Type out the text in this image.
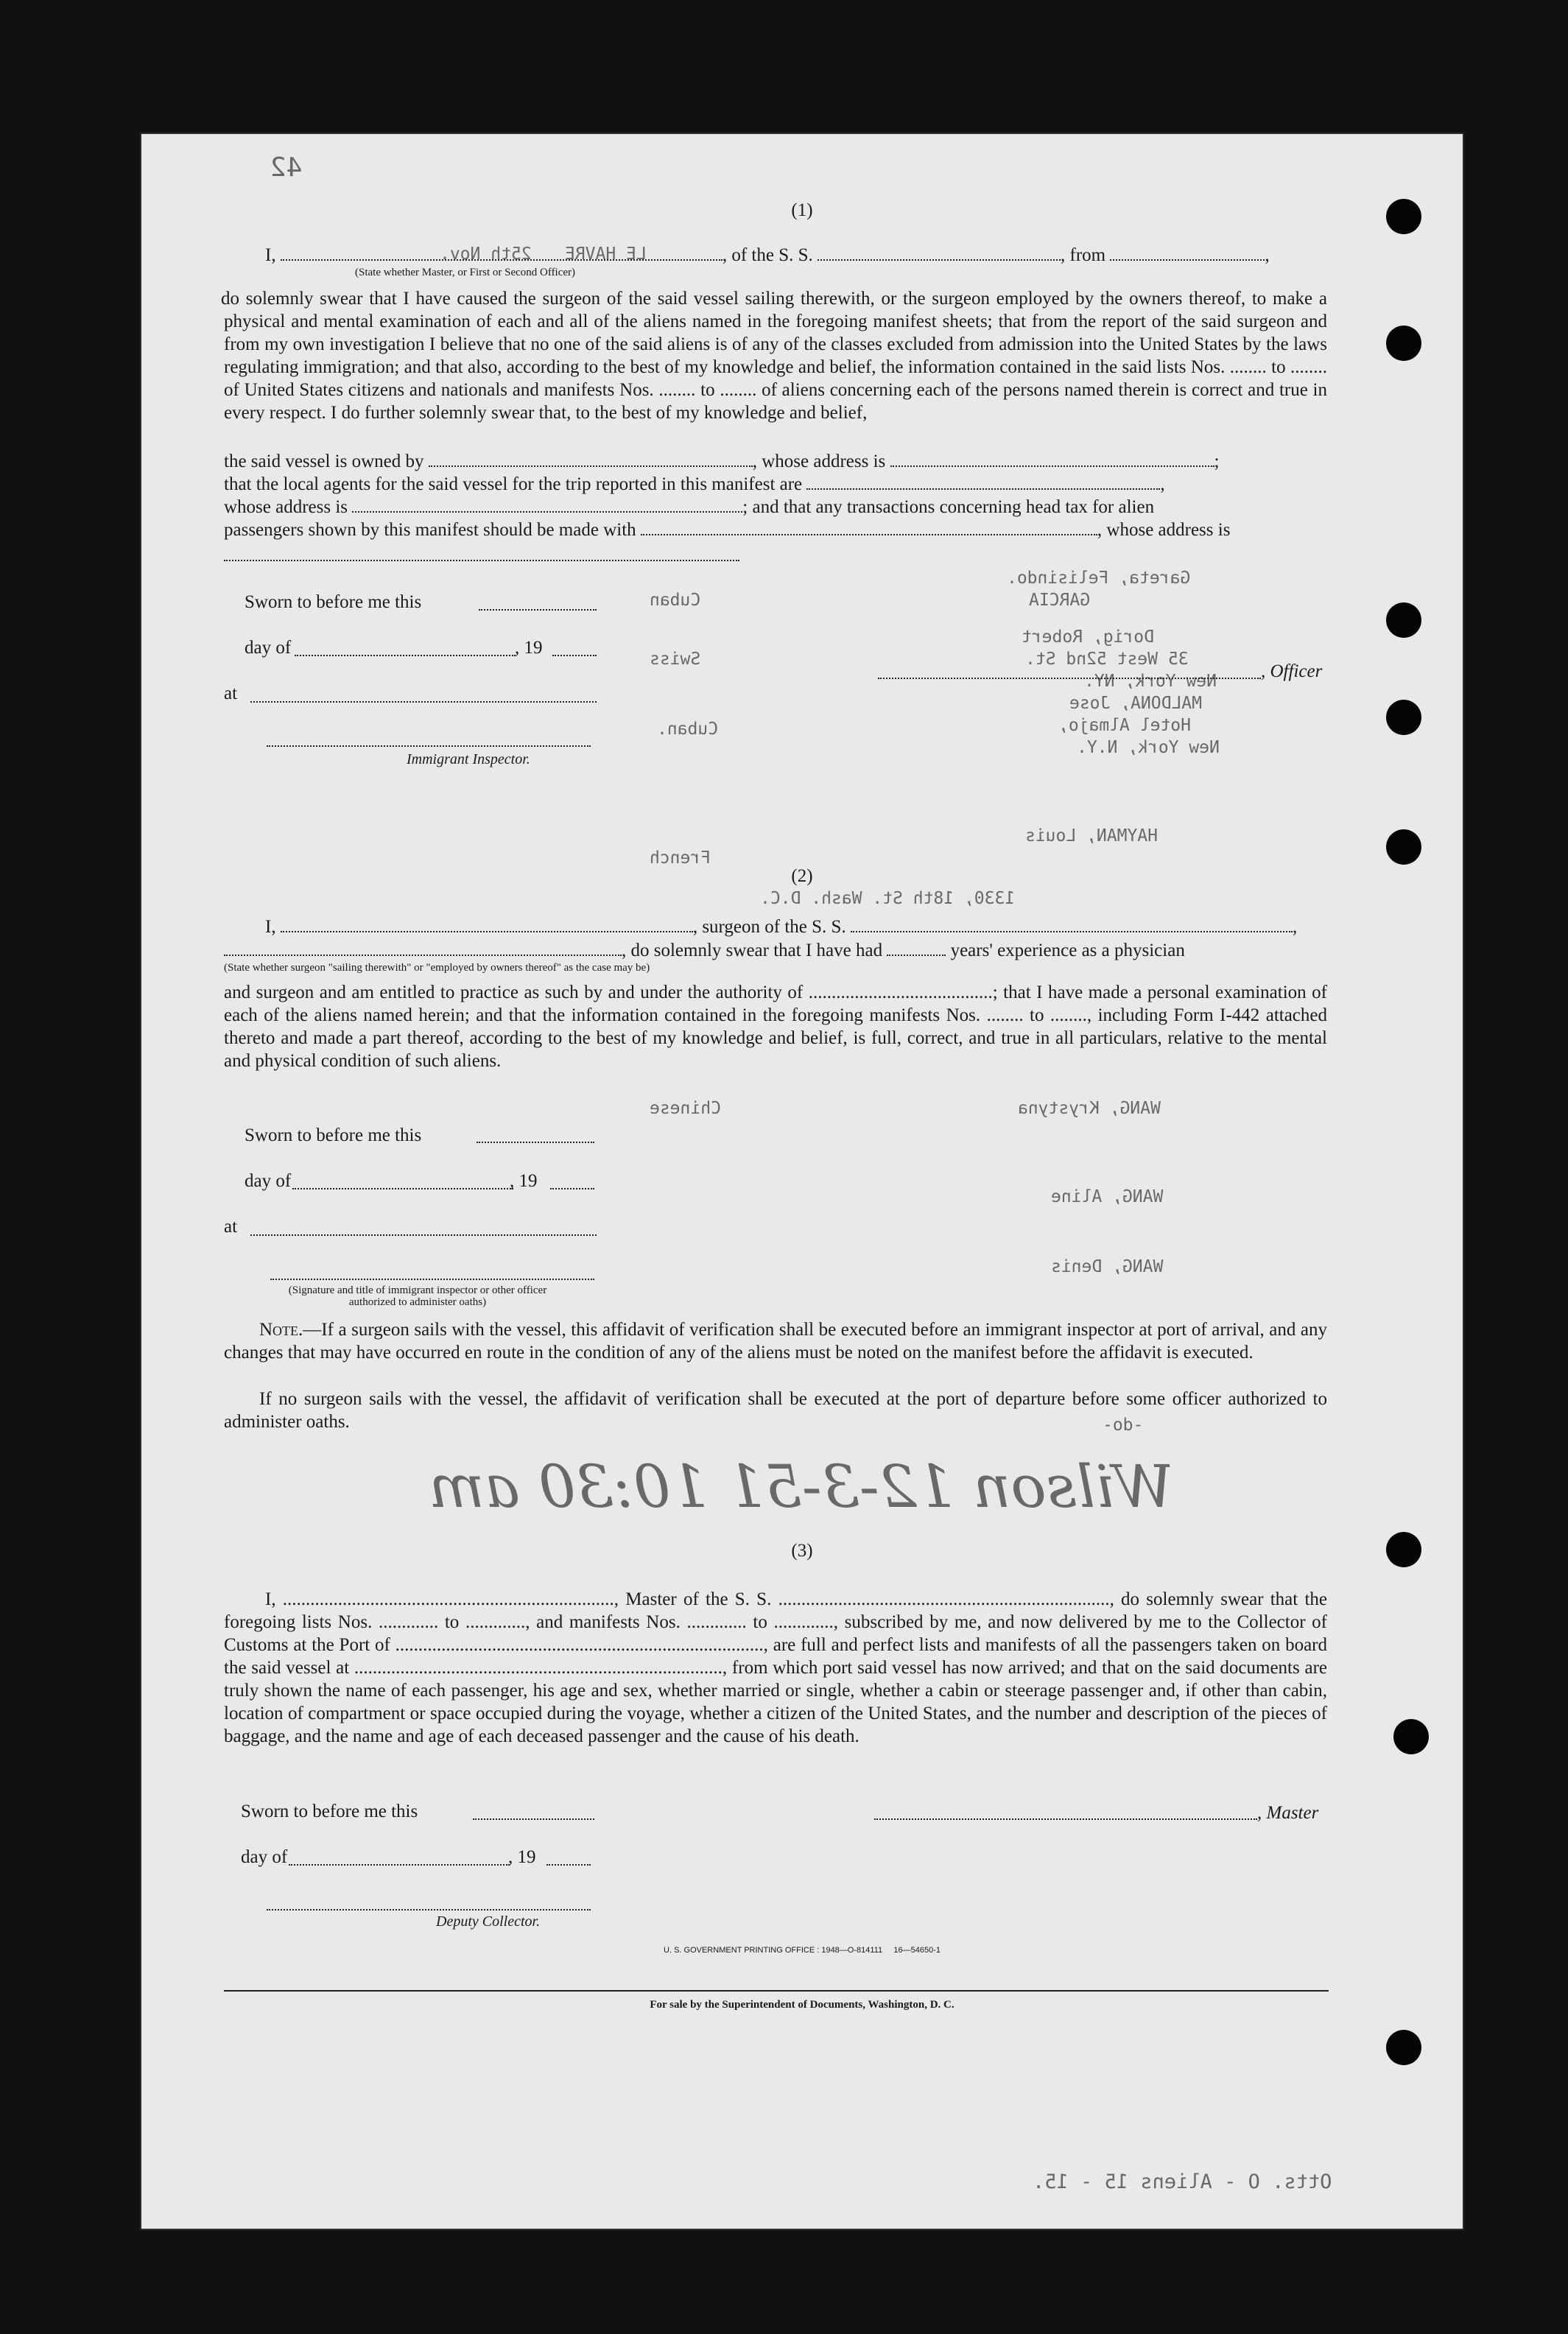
42
25th Nov. LE HAVRE
Gareta, Felisindo.
GARCIA
Cuban
Swiss
Dorig, Robert
35 West 52nd St.
New York, NY.
MALDONA, Jose
Hotel Almajo,
New York, N.Y.
Cuban.
HAYMAN, Louis
French
1330, 18th St. Wash. D.C.
WANG, Krystyna
Chinese
WANG, Aline
WANG, Denis
-do-
Otts. O - Aliens 15 - 15.
Wilson 12-3-51 10:30 am
(1)
I,	, of the S. S.	, from	,
(State whether Master, or First or Second Officer)
do solemnly swear that I have caused the surgeon of the said vessel sailing therewith, or the surgeon employed by the owners thereof, to make a physical and mental examination of each and all of the aliens named in the foregoing manifest sheets; that from the report of the said surgeon and from my own investigation I believe that no one of the said aliens is of any of the classes excluded from admission into the United States by the laws regulating immigration; and that also, according to the best of my knowledge and belief, the information contained in the said lists Nos. ........ to ........ of United States citizens and nationals and manifests Nos. ........ to ........ of aliens concerning each of the persons named therein is correct and true in every respect. I do further solemnly swear that, to the best of my knowledge and belief,
the said vessel is owned by	, whose address is	;
that the local agents for the said vessel for the trip reported in this manifest are	,
whose address is	; and that any transactions concerning head tax for alien
passengers shown by this manifest should be made with	, whose address is
Sworn to before me this
day of	, 19
, Officer
at
Immigrant Inspector.
(2)
I,	, surgeon of the S. S.	,
, do solemnly swear that I have had	years' experience as a physician
(State whether surgeon "sailing therewith" or "employed by owners thereof" as the case may be)
and surgeon and am entitled to practice as such by and under the authority of ........................................; that I have made a personal examination of each of the aliens named herein; and that the information contained in the foregoing manifests Nos. ........ to ........, including Form I-442 attached thereto and made a part thereof, according to the best of my knowledge and belief, is full, correct, and true in all particulars, relative to the mental and physical condition of such aliens.
Sworn to before me this
day of	, 19
at
(Signature and title of immigrant inspector or other officer authorized to administer oaths)
Note.—If a surgeon sails with the vessel, this affidavit of verification shall be executed before an immigrant inspector at port of arrival, and any changes that may have occurred en route in the condition of any of the aliens must be noted on the manifest before the affidavit is executed.
If no surgeon sails with the vessel, the affidavit of verification shall be executed at the port of departure before some officer authorized to administer oaths.
(3)
I, ........................................................................, Master of the S. S. ........................................................................, do solemnly swear that the foregoing lists Nos. ............. to ............., and manifests Nos. ............. to ............., subscribed by me, and now delivered by me to the Collector of Customs at the Port of ................................................................................, are full and perfect lists and manifests of all the passengers taken on board the said vessel at ................................................................................, from which port said vessel has now arrived; and that on the said documents are truly shown the name of each passenger, his age and sex, whether married or single, whether a cabin or steerage passenger and, if other than cabin, location of compartment or space occupied during the voyage, whether a citizen of the United States, and the number and description of the pieces of baggage, and the name and age of each deceased passenger and the cause of his death.
Sworn to before me this	, Master
day of	, 19
Deputy Collector.
U. S. GOVERNMENT PRINTING OFFICE : 1948—O-814111     16—54650-1
For sale by the Superintendent of Documents, Washington, D. C.
